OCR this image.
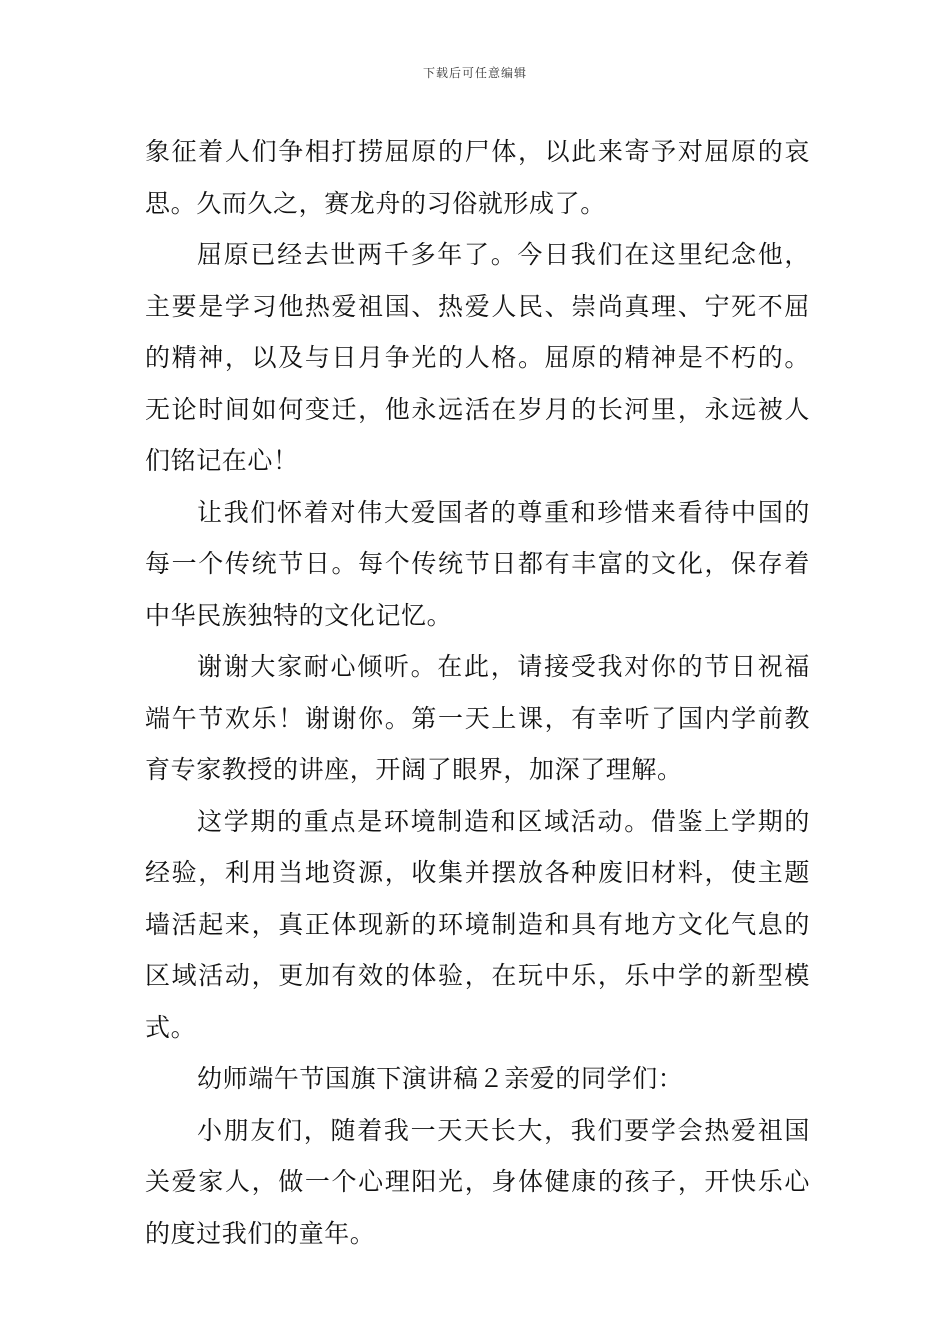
下载后可任意编辑

象征着人们争相打捞屈原的尸体，以此来寄予对屈原的哀思。久而久之，赛龙舟的习俗就形成了。

屈原已经去世两千多年了。今日我们在这里纪念他，主要是学习他热爱祖国、热爱人民、崇尚真理、宁死不屈的精神，以及与日月争光的人格。屈原的精神是不朽的。无论时间如何变迁，他永远活在岁月的长河里，永远被人们铭记在心！

让我们怀着对伟大爱国者的尊重和珍惜来看待中国的每一个传统节日。每个传统节日都有丰富的文化，保存着中华民族独特的文化记忆。

谢谢大家耐心倾听。在此，请接受我对你的节日祝福端午节欢乐！谢谢你。第一天上课，有幸听了国内学前教育专家教授的讲座，开阔了眼界，加深了理解。

这学期的重点是环境制造和区域活动。借鉴上学期的经验，利用当地资源，收集并摆放各种废旧材料，使主题墙活起来，真正体现新的环境制造和具有地方文化气息的区域活动，更加有效的体验，在玩中乐，乐中学的新型模式。

幼师端午节国旗下演讲稿２亲爱的同学们：

小朋友们，随着我一天天长大，我们要学会热爱祖国关爱家人，做一个心理阳光，身体健康的孩子，开快乐心的度过我们的童年。
